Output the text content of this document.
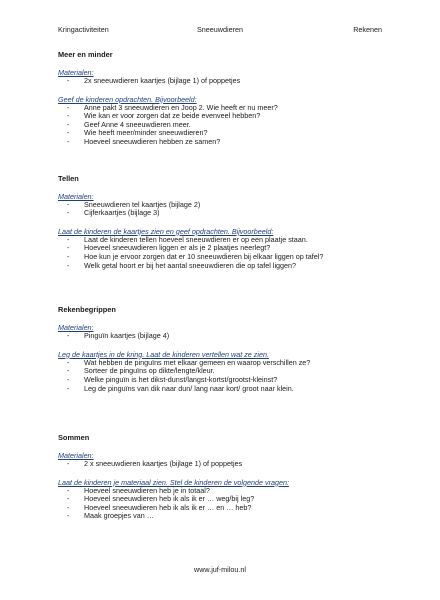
Kringactiviteiten	Sneeuwdieren	Rekenen
Meer en minder
Materialen:
- 2x sneeuwdieren kaartjes (bijlage 1) of poppetjes
Geef de kinderen opdrachten. Bijvoorbeeld:
- Anne pakt 3 sneeuwdieren en Joop 2. Wie heeft er nu meer?
- Wie kan er voor zorgen dat ze beide evenveel hebben?
- Geef Anne 4 sneeuwdieren meer.
- Wie heeft meer/minder sneeuwdieren?
- Hoeveel sneeuwdieren hebben ze samen?
Tellen
Materialen:
- Sneeuwdieren tel kaartjes (bijlage 2)
- Cijferkaartjes (bijlage 3)
Laat de kinderen de kaartjes zien en geef opdrachten. Bijvoorbeeld:
- Laat de kinderen tellen hoeveel sneeuwdieren er op een plaatje staan.
- Hoeveel sneeuwdieren liggen er als je 2 plaatjes neerlegt?
- Hoe kun je ervoor zorgen dat er 10 sneeuwdieren bij elkaar liggen op tafel?
- Welk getal hoort er bij het aantal sneeuwdieren die op tafel liggen?
Rekenbegrippen
Materialen:
- Pinguïn kaartjes (bijlage 4)
Leg de kaartjes in de kring. Laat de kinderen vertellen wat ze zien.
- Wat hebben de pinguïns met elkaar gemeen en waarop verschillen ze?
- Sorteer de pinguïns op dikte/lengte/kleur.
- Welke pinguïn is het dikst-dunst/langst-kortst/grootst-kleinst?
- Leg de pinguïns van dik naar dun/ lang naar kort/ groot naar klein.
Sommen
Materialen:
- 2 x sneeuwdieren kaartjes (bijlage 1) of poppetjes
Laat de kinderen je materiaal zien. Stel de kinderen de volgende vragen:
- Hoeveel sneeuwdieren heb je in totaal?
- Hoeveel sneeuwdieren heb ik als ik er … weg/bij leg?
- Hoeveel sneeuwdieren heb ik als ik er … en … heb?
- Maak groepjes van …
www.juf-milou.nl
